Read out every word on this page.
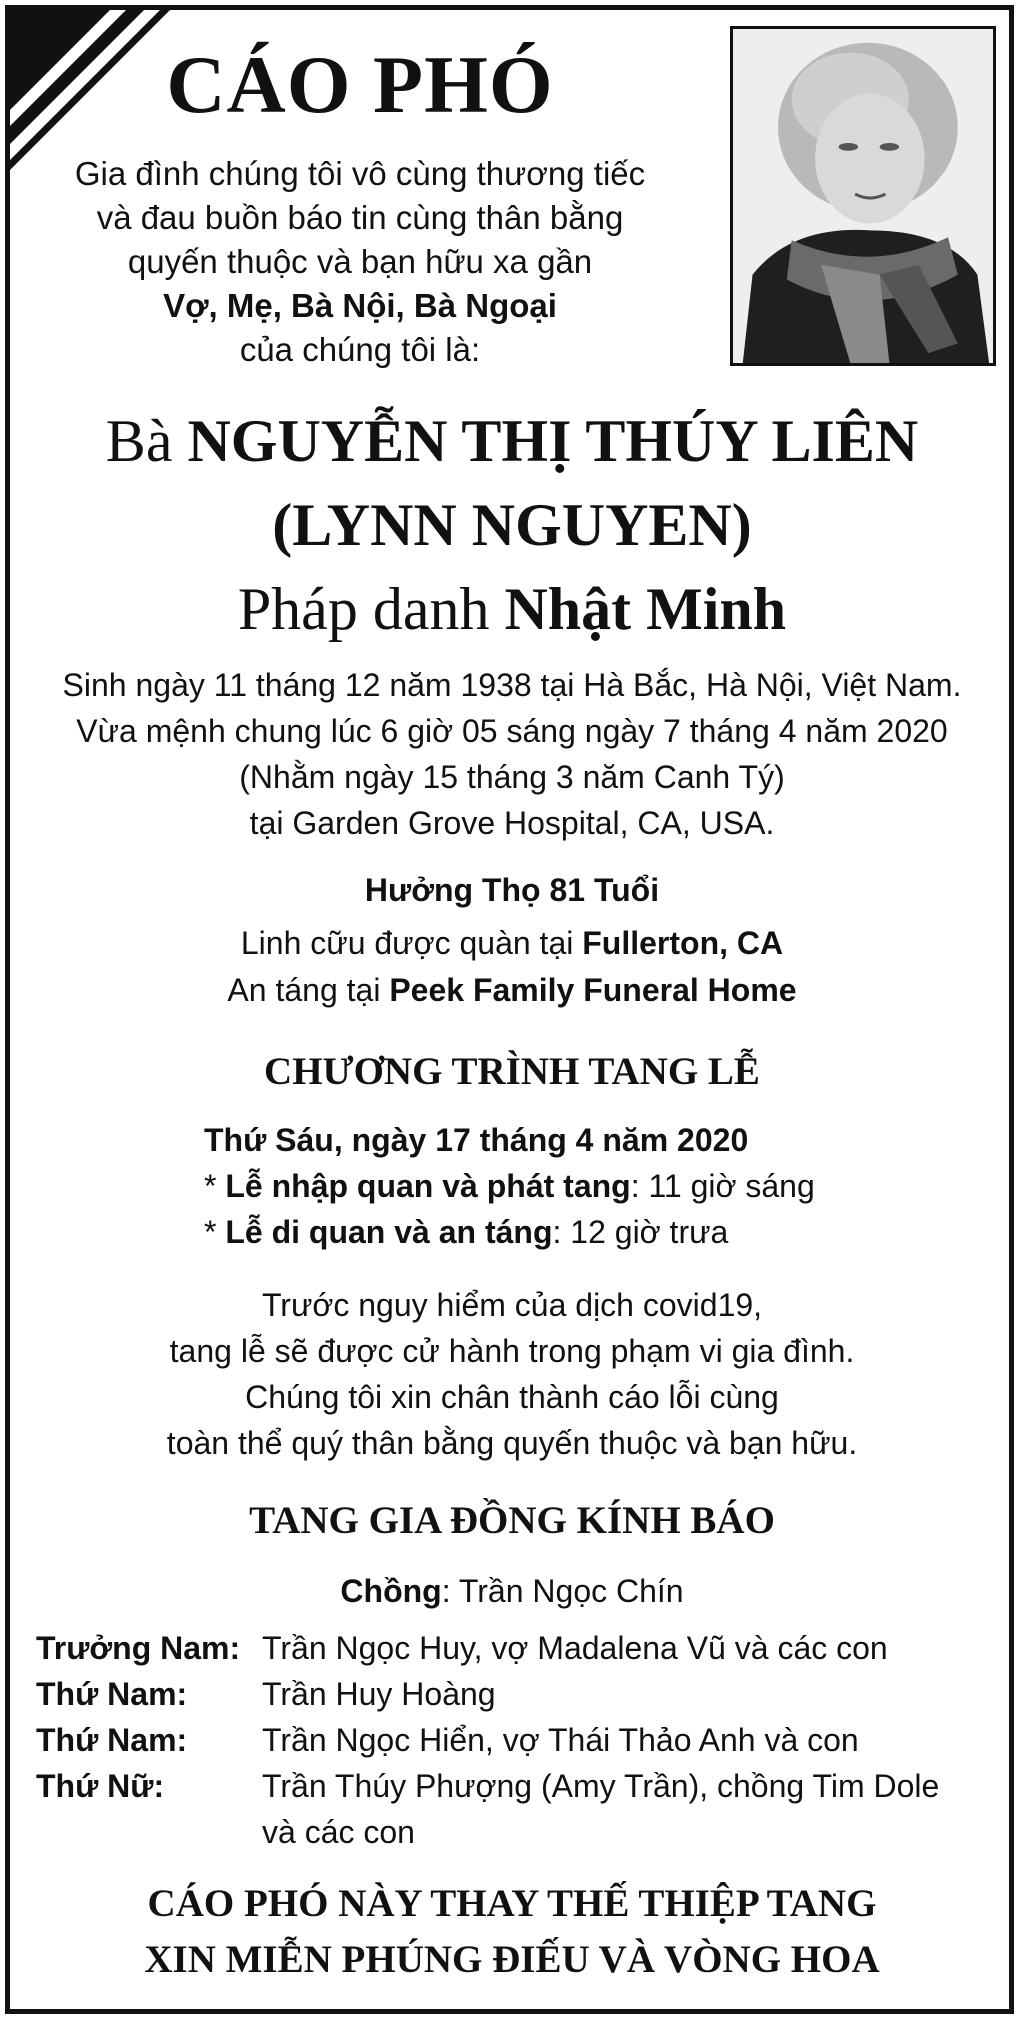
CÁO PHÓ
Gia đình chúng tôi vô cùng thương tiếc
và đau buồn báo tin cùng thân bằng
quyến thuộc và bạn hữu xa gần
Vợ, Mẹ, Bà Nội, Bà Ngoại
của chúng tôi là:
Bà NGUYỄN THỊ THÚY LIÊN
(LYNN NGUYEN)
Pháp danh Nhật Minh
Sinh ngày 11 tháng 12 năm 1938 tại Hà Bắc, Hà Nội, Việt Nam.
Vừa mệnh chung lúc 6 giờ 05 sáng ngày 7 tháng 4 năm 2020
(Nhằm ngày 15 tháng 3 năm Canh Tý)
tại Garden Grove Hospital, CA, USA.
Hưởng Thọ 81 Tuổi
Linh cữu được quàn tại Fullerton, CA
An táng tại Peek Family Funeral Home
CHƯƠNG TRÌNH TANG LỄ
Thứ Sáu, ngày 17 tháng 4 năm 2020
* Lễ nhập quan và phát tang: 11 giờ sáng
* Lễ di quan và an táng: 12 giờ trưa
Trước nguy hiểm của dịch covid19,
tang lễ sẽ được cử hành trong phạm vi gia đình.
Chúng tôi xin chân thành cáo lỗi cùng
toàn thể quý thân bằng quyến thuộc và bạn hữu.
TANG GIA ĐỒNG KÍNH BÁO
Chồng: Trần Ngọc Chín
Trưởng Nam: Trần Ngọc Huy, vợ Madalena Vũ và các con
Thứ Nam: Trần Huy Hoàng
Thứ Nam: Trần Ngọc Hiển, vợ Thái Thảo Anh và con
Thứ Nữ:	Trần Thúy Phượng (Amy Trần), chồng Tim Dole
và các con
CÁO PHÓ NÀY THAY THẾ THIỆP TANG
XIN MIỄN PHÚNG ĐIẾU VÀ VÒNG HOA
